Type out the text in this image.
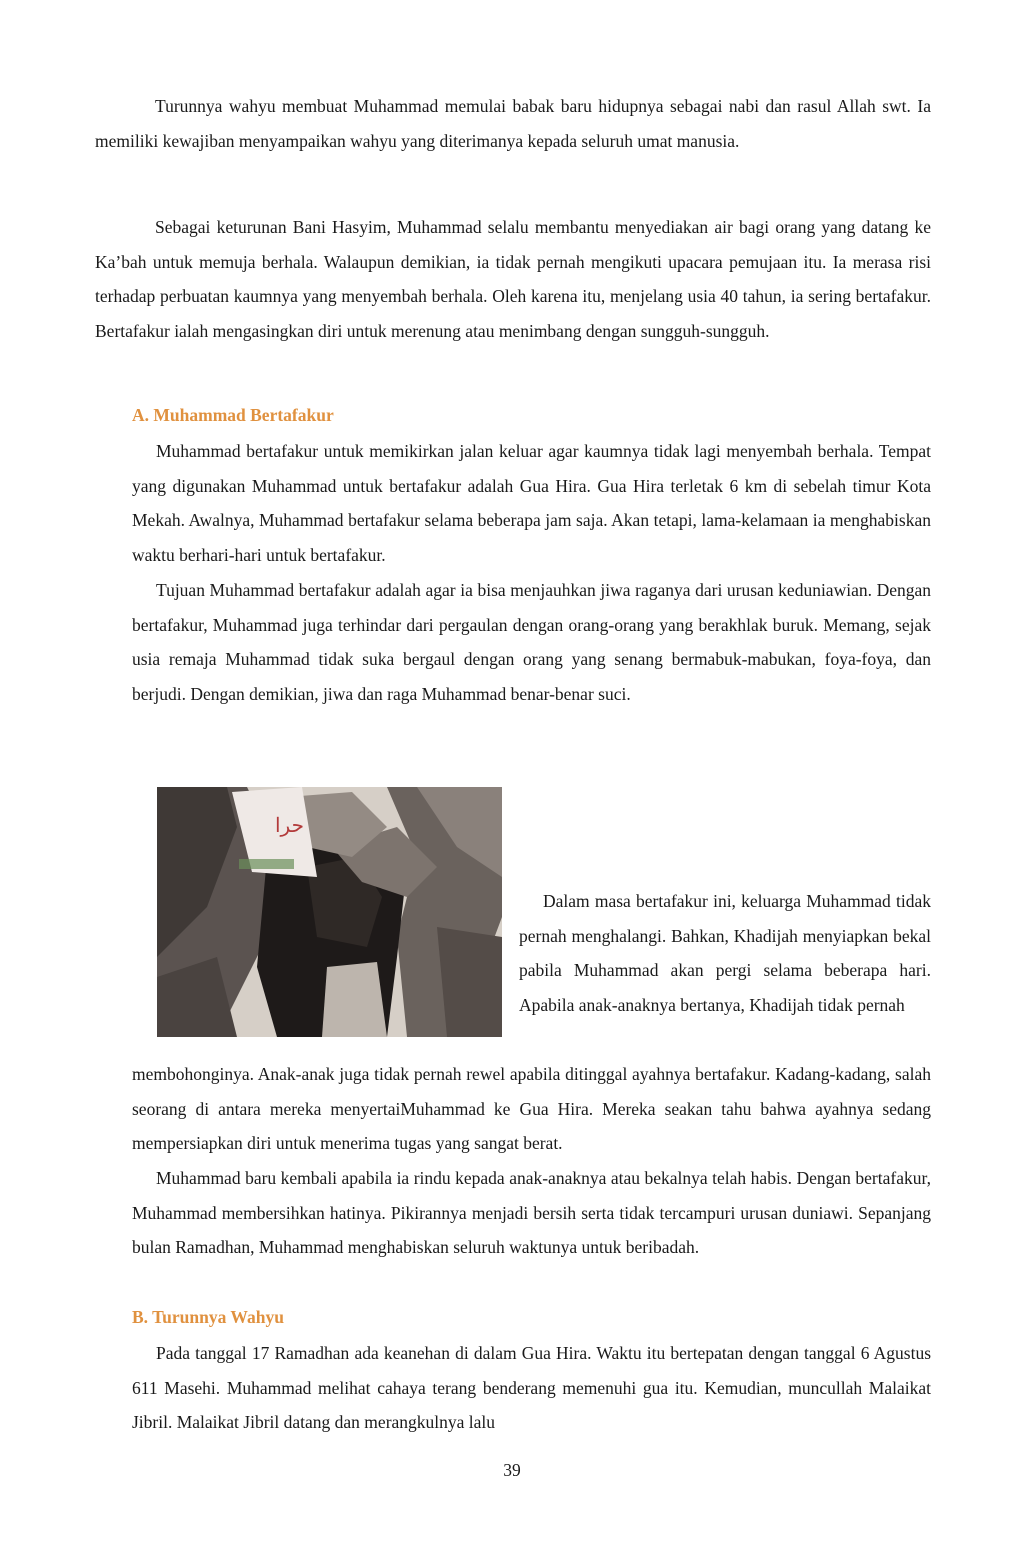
Turunnya wahyu membuat Muhammad memulai babak baru hidupnya sebagai nabi dan rasul Allah swt. Ia memiliki kewajiban menyampaikan wahyu yang diterimanya kepada seluruh umat manusia.
Sebagai keturunan Bani Hasyim, Muhammad selalu membantu menyediakan air bagi orang yang datang ke Ka’bah untuk memuja berhala. Walaupun demikian, ia tidak pernah mengikuti upacara pemujaan itu. Ia merasa risi terhadap perbuatan kaumnya yang menyembah berhala. Oleh karena itu, menjelang usia 40 tahun, ia sering bertafakur. Bertafakur ialah mengasingkan diri untuk merenung atau menimbang dengan sungguh-sungguh.
A. Muhammad Bertafakur
Muhammad bertafakur untuk memikirkan jalan keluar agar kaumnya tidak lagi menyembah berhala. Tempat yang digunakan Muhammad untuk bertafakur adalah Gua Hira. Gua Hira terletak 6 km di sebelah timur Kota Mekah. Awalnya, Muhammad bertafakur selama beberapa jam saja. Akan tetapi, lama-kelamaan ia menghabiskan waktu berhari-hari untuk bertafakur.
Tujuan Muhammad bertafakur adalah agar ia bisa menjauhkan jiwa raganya dari urusan keduniawian. Dengan bertafakur, Muhammad juga terhindar dari pergaulan dengan orang-orang yang berakhlak buruk. Memang, sejak usia remaja Muhammad tidak suka bergaul dengan orang yang senang bermabuk-mabukan, foya-foya, dan berjudi. Dengan demikian, jiwa dan raga Muhammad benar-benar suci.
حرا
Dalam masa bertafakur ini, keluarga Muhammad tidak pernah menghalangi. Bahkan, Khadijah menyiapkan bekal pabila Muhammad akan pergi selama beberapa hari. Apabila anak-anaknya bertanya, Khadijah tidak pernah
membohonginya. Anak-anak juga tidak pernah rewel apabila ditinggal ayahnya bertafakur. Kadang-kadang, salah seorang di antara mereka menyertaiMuhammad ke Gua Hira. Mereka seakan tahu bahwa ayahnya sedang mempersiapkan diri untuk menerima tugas yang sangat berat.
Muhammad baru kembali apabila ia rindu kepada anak-anaknya atau bekalnya telah habis. Dengan bertafakur, Muhammad membersihkan hatinya. Pikirannya menjadi bersih serta tidak tercampuri urusan duniawi. Sepanjang bulan Ramadhan, Muhammad menghabiskan seluruh waktunya untuk beribadah.
B. Turunnya Wahyu
Pada tanggal 17 Ramadhan ada keanehan di dalam Gua Hira. Waktu itu bertepatan dengan tanggal 6 Agustus 611 Masehi. Muhammad melihat cahaya terang benderang memenuhi gua itu. Kemudian, muncullah Malaikat Jibril. Malaikat Jibril datang dan merangkulnya lalu
39
